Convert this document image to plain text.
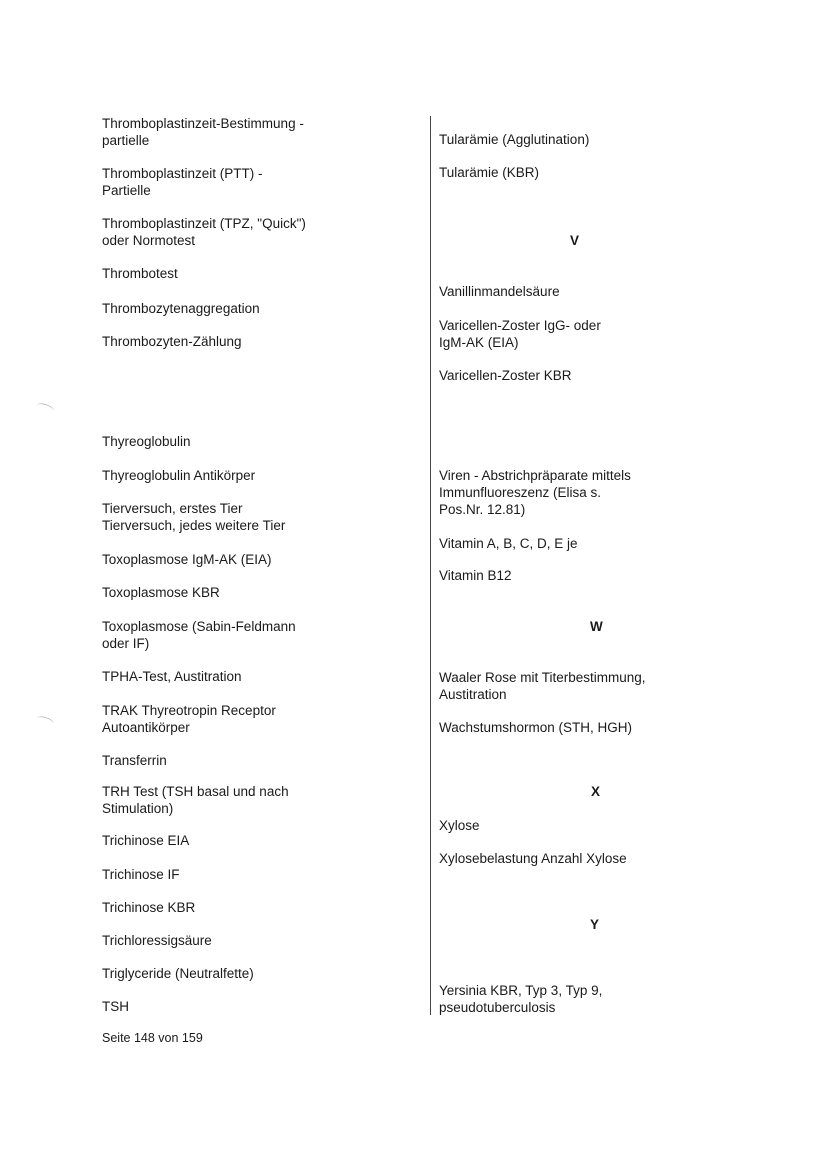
Thromboplastinzeit-Bestimmung -
partielle
Thromboplastinzeit (PTT) -
Partielle
Thromboplastinzeit (TPZ, "Quick")
oder Normotest
Thrombotest
Thrombozytenaggregation
Thrombozyten-Zählung
Thyreoglobulin
Thyreoglobulin Antikörper
Tierversuch, erstes Tier
Tierversuch, jedes weitere Tier
Toxoplasmose IgM-AK (EIA)
Toxoplasmose KBR
Toxoplasmose (Sabin-Feldmann
oder IF)
TPHA-Test, Austitration
TRAK Thyreotropin Receptor
Autoantikörper
Transferrin
TRH Test (TSH basal und nach
Stimulation)
Trichinose EIA
Trichinose IF
Trichinose KBR
Trichloressigsäure
Triglyceride (Neutralfette)
TSH
Tularämie (Agglutination)
Tularämie (KBR)
V
Vanillinmandelsäure
Varicellen-Zoster IgG- oder
IgM-AK (EIA)
Varicellen-Zoster KBR
Viren - Abstrichpräparate mittels
Immunfluoreszenz (Elisa s.
Pos.Nr. 12.81)
Vitamin A, B, C, D, E je
Vitamin B12
W
Waaler Rose mit Titerbestimmung,
Austitration
Wachstumshormon (STH, HGH)
X
Xylose
Xylosebelastung Anzahl Xylose
Y
Yersinia KBR, Typ 3, Typ 9,
pseudotuberculosis
Seite 148 von 159
